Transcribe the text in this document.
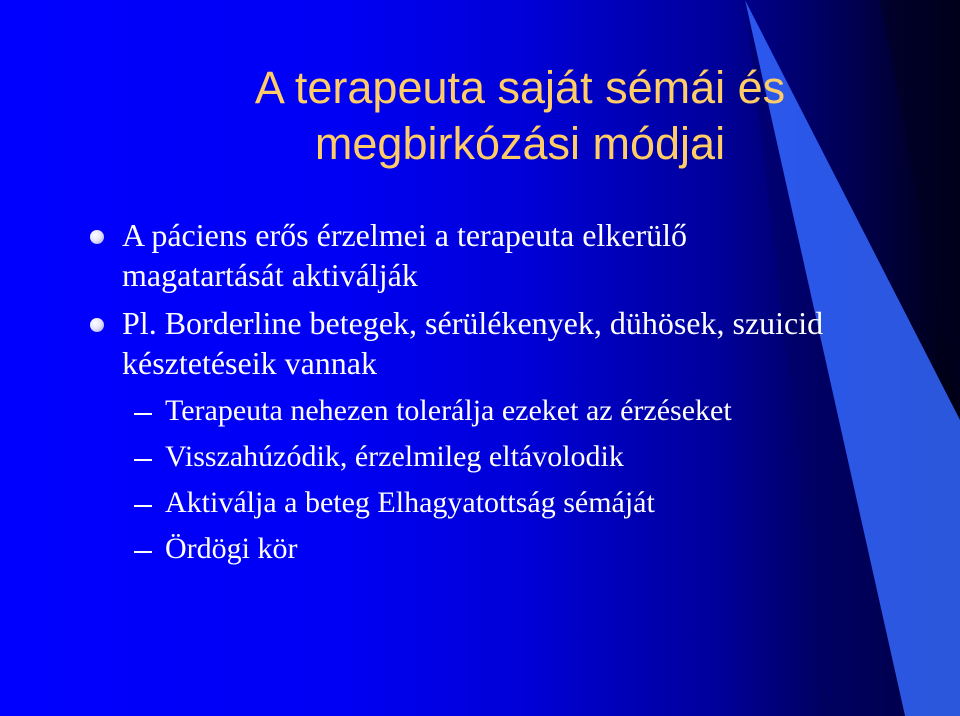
A terapeuta saját sémái és
megbirkózási módjai
A páciens erős érzelmei a terapeuta elkerülő magatartását aktiválják
Pl. Borderline betegek, sérülékenyek, dühösek, szuicid késztetéseik vannak
Terapeuta nehezen tolerálja ezeket az érzéseket
Visszahúzódik, érzelmileg eltávolodik
Aktiválja a beteg Elhagyatottság sémáját
Ördögi kör
